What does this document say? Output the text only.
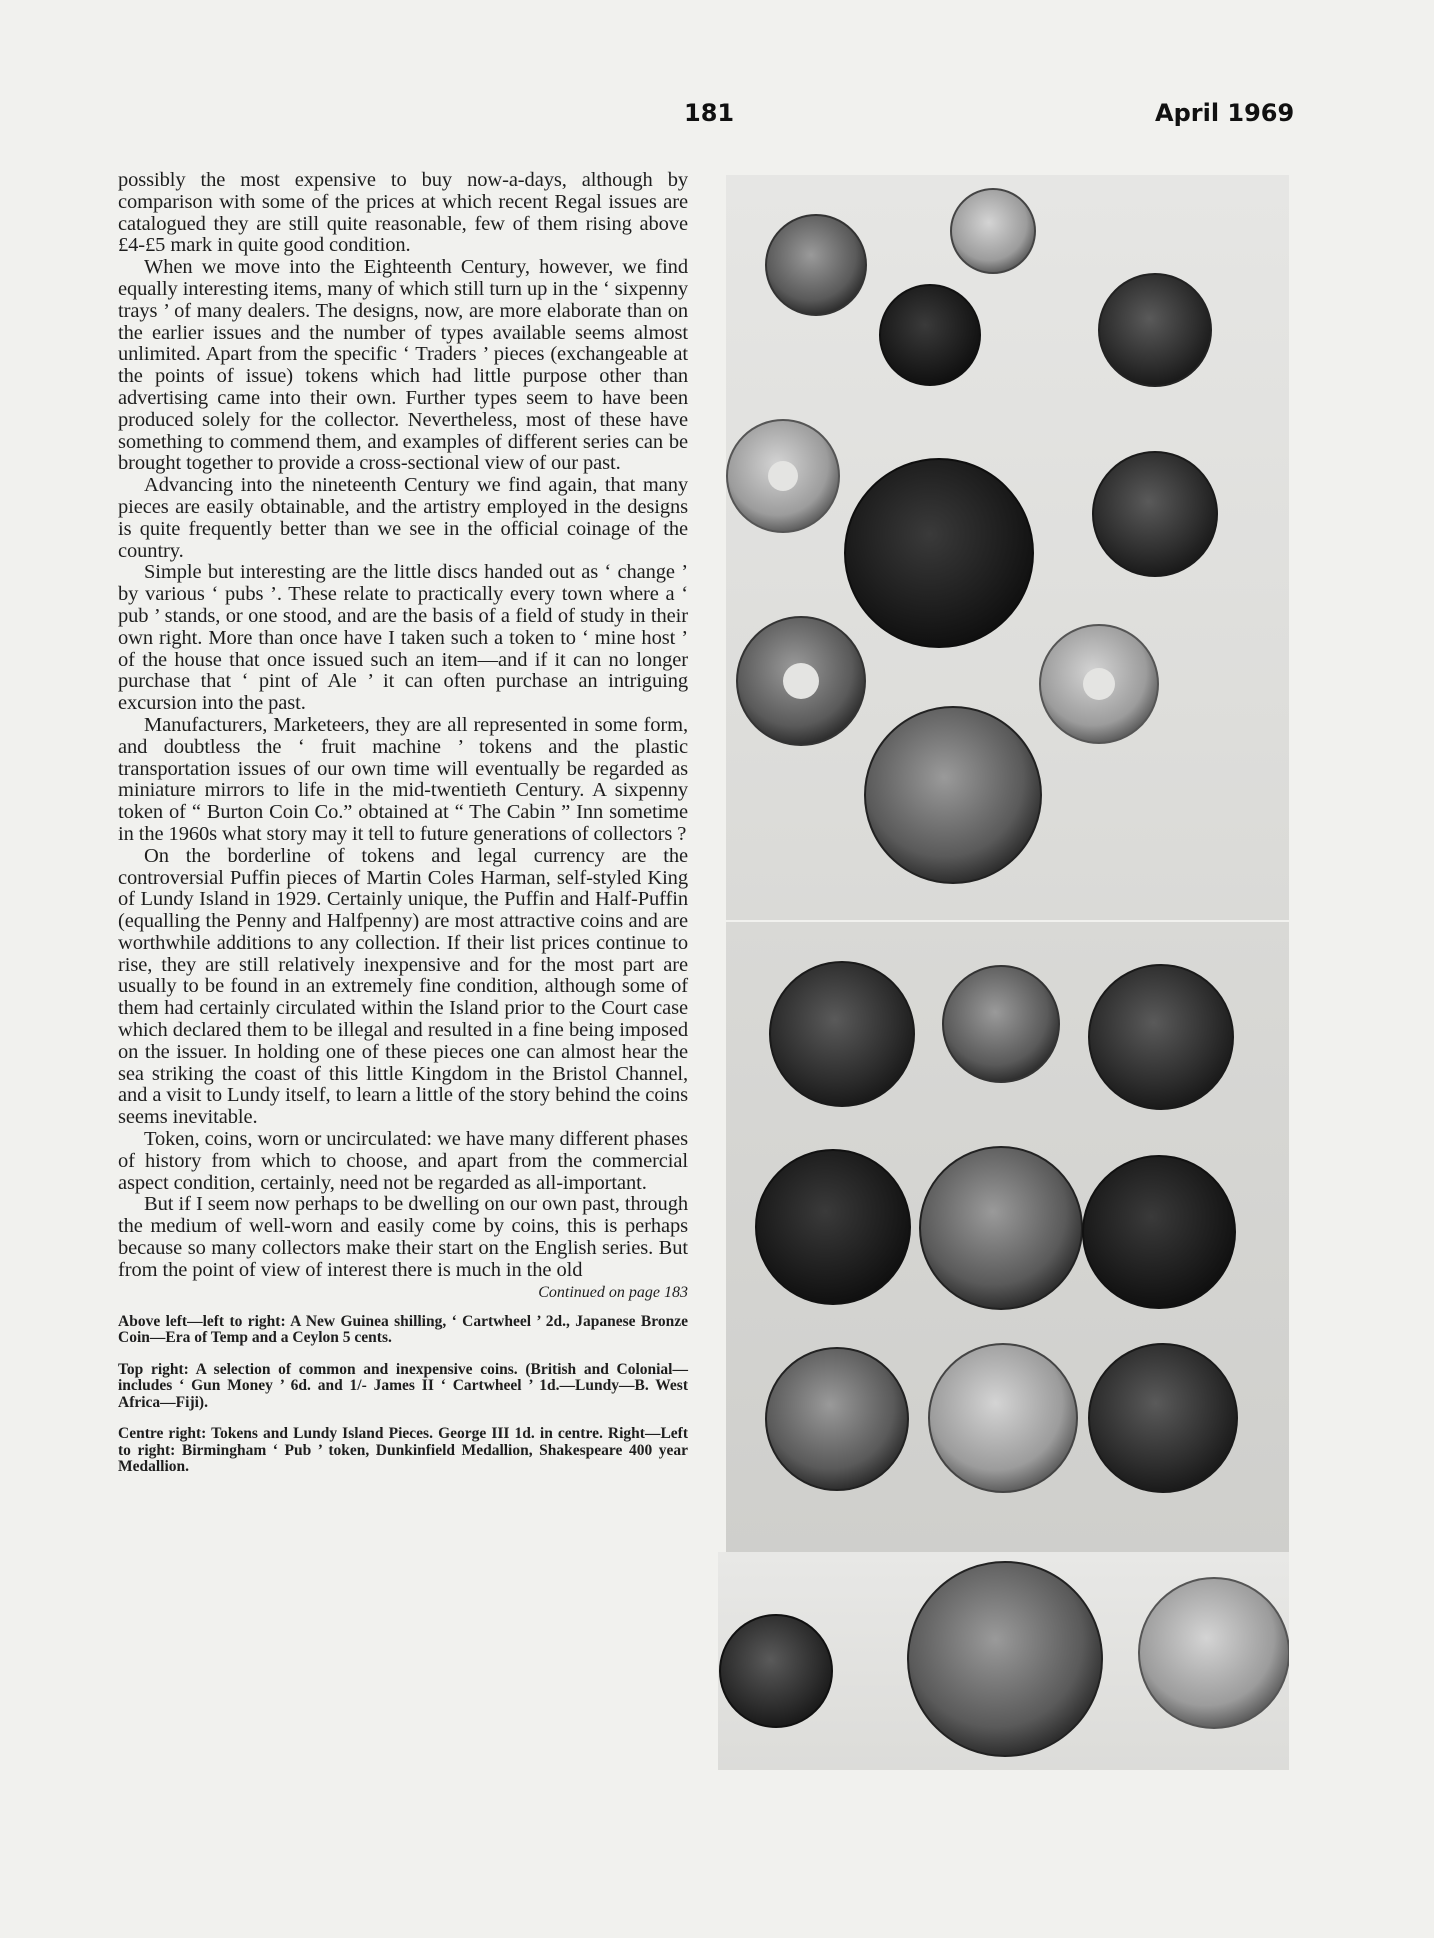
181	April 1969

possibly the most expensive to buy now-a-days, although by comparison with some of the prices at which recent Regal issues are catalogued they are still quite reasonable, few of them rising above £4-£5 mark in quite good condition.

When we move into the Eighteenth Century, however, we find equally interesting items, many of which still turn up in the ‘ sixpenny trays ’ of many dealers. The designs, now, are more elaborate than on the earlier issues and the number of types available seems almost unlimited. Apart from the specific ‘ Traders ’ pieces (exchangeable at the points of issue) tokens which had little purpose other than advertising came into their own. Further types seem to have been produced solely for the collector. Nevertheless, most of these have something to commend them, and examples of different series can be brought together to provide a cross-sectional view of our past.

Advancing into the nineteenth Century we find again, that many pieces are easily obtainable, and the artistry employed in the designs is quite frequently better than we see in the official coinage of the country.

Simple but interesting are the little discs handed out as ‘ change ’ by various ‘ pubs ’. These relate to practically every town where a ‘ pub ’ stands, or one stood, and are the basis of a field of study in their own right. More than once have I taken such a token to ‘ mine host ’ of the house that once issued such an item—and if it can no longer purchase that ‘ pint of Ale ’ it can often purchase an intriguing excursion into the past.

Manufacturers, Marketeers, they are all represented in some form, and doubtless the ‘ fruit machine ’ tokens and the plastic transportation issues of our own time will eventually be regarded as miniature mirrors to life in the mid-twentieth Century. A sixpenny token of “ Burton Coin Co.” obtained at “ The Cabin ” Inn sometime in the 1960s what story may it tell to future generations of collectors ?

On the borderline of tokens and legal currency are the controversial Puffin pieces of Martin Coles Harman, self-styled King of Lundy Island in 1929. Certainly unique, the Puffin and Half-Puffin (equalling the Penny and Halfpenny) are most attractive coins and are worthwhile additions to any collection. If their list prices continue to rise, they are still relatively inexpensive and for the most part are usually to be found in an extremely fine condition, although some of them had certainly circulated within the Island prior to the Court case which declared them to be illegal and resulted in a fine being imposed on the issuer. In holding one of these pieces one can almost hear the sea striking the coast of this little Kingdom in the Bristol Channel, and a visit to Lundy itself, to learn a little of the story behind the coins seems inevitable.

Token, coins, worn or uncirculated: we have many different phases of history from which to choose, and apart from the commercial aspect condition, certainly, need not be regarded as all-important.

But if I seem now perhaps to be dwelling on our own past, through the medium of well-worn and easily come by coins, this is perhaps because so many collectors make their start on the English series. But from the point of view of interest there is much in the old

Continued on page 183
Above left—left to right: A New Guinea shilling, ‘ Cartwheel ’ 2d., Japanese Bronze Coin—Era of Temp and a Ceylon 5 cents.
Top right: A selection of common and inexpensive coins. (British and Colonial—includes ‘ Gun Money ’ 6d. and 1/- James II ‘ Cartwheel ’ 1d.—Lundy—B. West Africa—Fiji).
Centre right: Tokens and Lundy Island Pieces. George III 1d. in centre. Right—Left to right: Birmingham ‘ Pub ’ token, Dunkinfield Medallion, Shakespeare 400 year Medallion.
